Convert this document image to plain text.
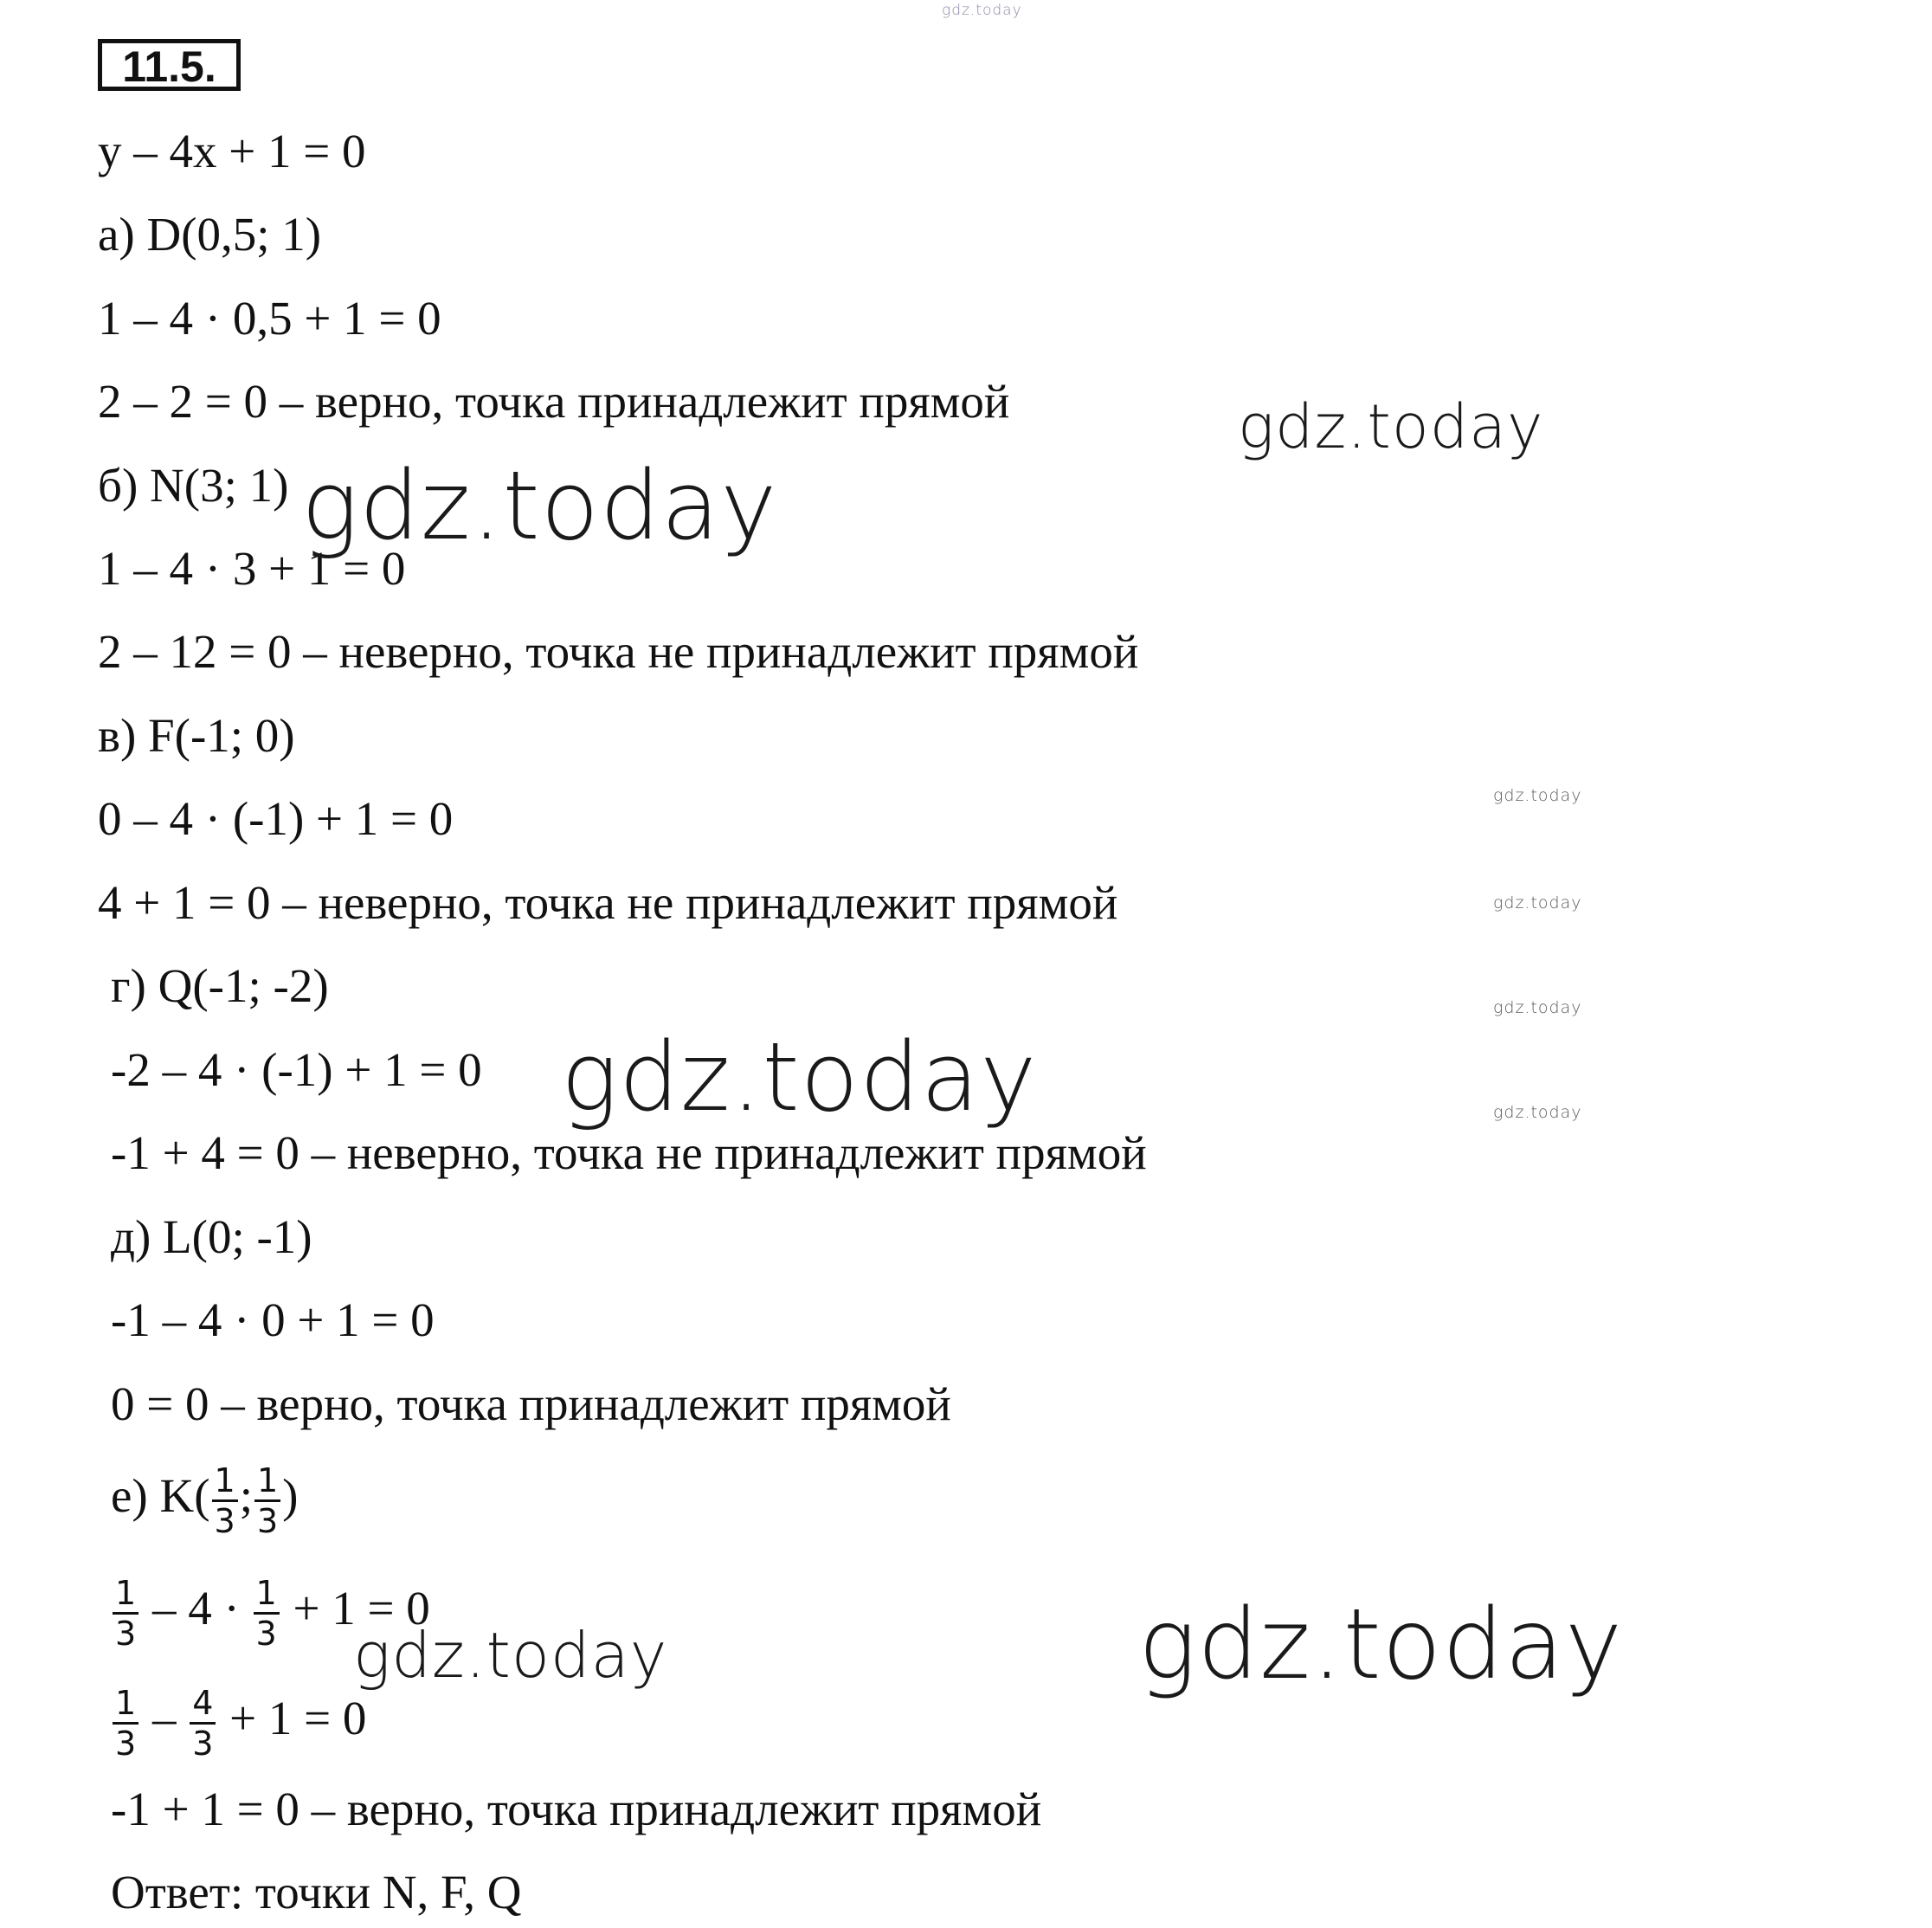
gdz.today
11.5.
y – 4x + 1 = 0
а) D(0,5; 1)
1 – 4 · 0,5 + 1 = 0
2 – 2 = 0 – верно, точка принадлежит прямой
б) N(3; 1)
1 – 4 · 3 + 1 = 0
2 – 12 = 0 – неверно, точка не принадлежит прямой
в) F(-1; 0)
0 – 4 · (-1) + 1 = 0
4 + 1 = 0 – неверно, точка не принадлежит прямой
г) Q(-1; -2)
-2 – 4 · (-1) + 1 = 0
-1 + 4 = 0 – неверно, точка не принадлежит прямой
д) L(0; -1)
-1 – 4 · 0 + 1 = 0
0 = 0 – верно, точка принадлежит прямой
е) $K( \frac{1}{3}$ ; $\frac{1}{3}$ )
$\frac{1}{3} - 4 \cdot \frac{1}{3} + 1 = 0$
$\frac{1}{3} - \frac{4}{3} + 1 = 0$
-1 + 1 = 0 – верно, точка принадлежит прямой
Ответ: точки N, F, Q
gdz.today
gdz.today
gdz.today
gdz.today
gdz.today
gdz.today
gdz.today
gdz.today	gdz.today
